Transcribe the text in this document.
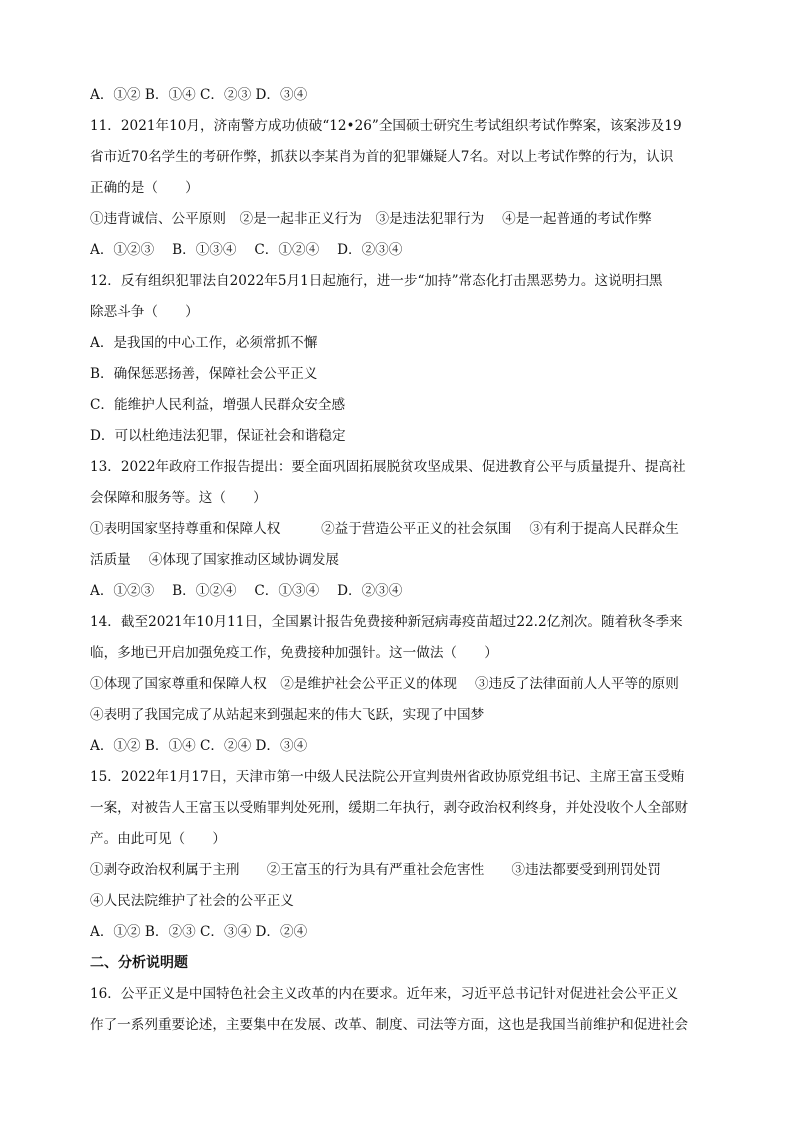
A．①② B．①④ C．②③ D．③④
11．2021年10月，济南警方成功侦破“12•26”全国硕士研究生考试组织考试作弊案，该案涉及19
省市近70名学生的考研作弊，抓获以李某肖为首的犯罪嫌疑人7名。对以上考试作弊的行为，认识
正确的是（　　）
①违背诚信、公平原则　②是一起非正义行为　③是违法犯罪行为　 ④是一起普通的考试作弊
A．①②③　 B．①③④　 C．①②④　 D．②③④
12．反有组织犯罪法自2022年5月1日起施行，进一步“加持”常态化打击黑恶势力。这说明扫黑
除恶斗争（　　）
A．是我国的中心工作，必须常抓不懈
B．确保惩恶扬善，保障社会公平正义
C．能维护人民利益，增强人民群众安全感
D．可以杜绝违法犯罪，保证社会和谐稳定
13．2022年政府工作报告提出：要全面巩固拓展脱贫攻坚成果、促进教育公平与质量提升、提高社
会保障和服务等。这（　　）
①表明国家坚持尊重和保障人权　　　②益于营造公平正义的社会氛围　 ③有利于提高人民群众生
活质量　 ④体现了国家推动区域协调发展
A．①②③　 B．①②④　 C．①③④　 D．②③④
14．截至2021年10月11日，全国累计报告免费接种新冠病毒疫苗超过22.2亿剂次。随着秋冬季来
临，多地已开启加强免疫工作，免费接种加强针。这一做法（　　）
①体现了国家尊重和保障人权　②是维护社会公平正义的体现　 ③违反了法律面前人人平等的原则
④表明了我国完成了从站起来到强起来的伟大飞跃，实现了中国梦
A．①② B．①④ C．②④ D．③④
15．2022年1月17日，天津市第一中级人民法院公开宣判贵州省政协原党组书记、主席王富玉受贿
一案，对被告人王富玉以受贿罪判处死刑，缓期二年执行，剥夺政治权利终身，并处没收个人全部财
产。由此可见（　　）
①剥夺政治权利属于主刑　　②王富玉的行为具有严重社会危害性　　③违法都要受到刑罚处罚
④人民法院维护了社会的公平正义
A．①② B．②③ C．③④ D．②④
二、分析说明题
16．公平正义是中国特色社会主义改革的内在要求。近年来，习近平总书记针对促进社会公平正义
作了一系列重要论述，主要集中在发展、改革、制度、司法等方面，这也是我国当前维护和促进社会
